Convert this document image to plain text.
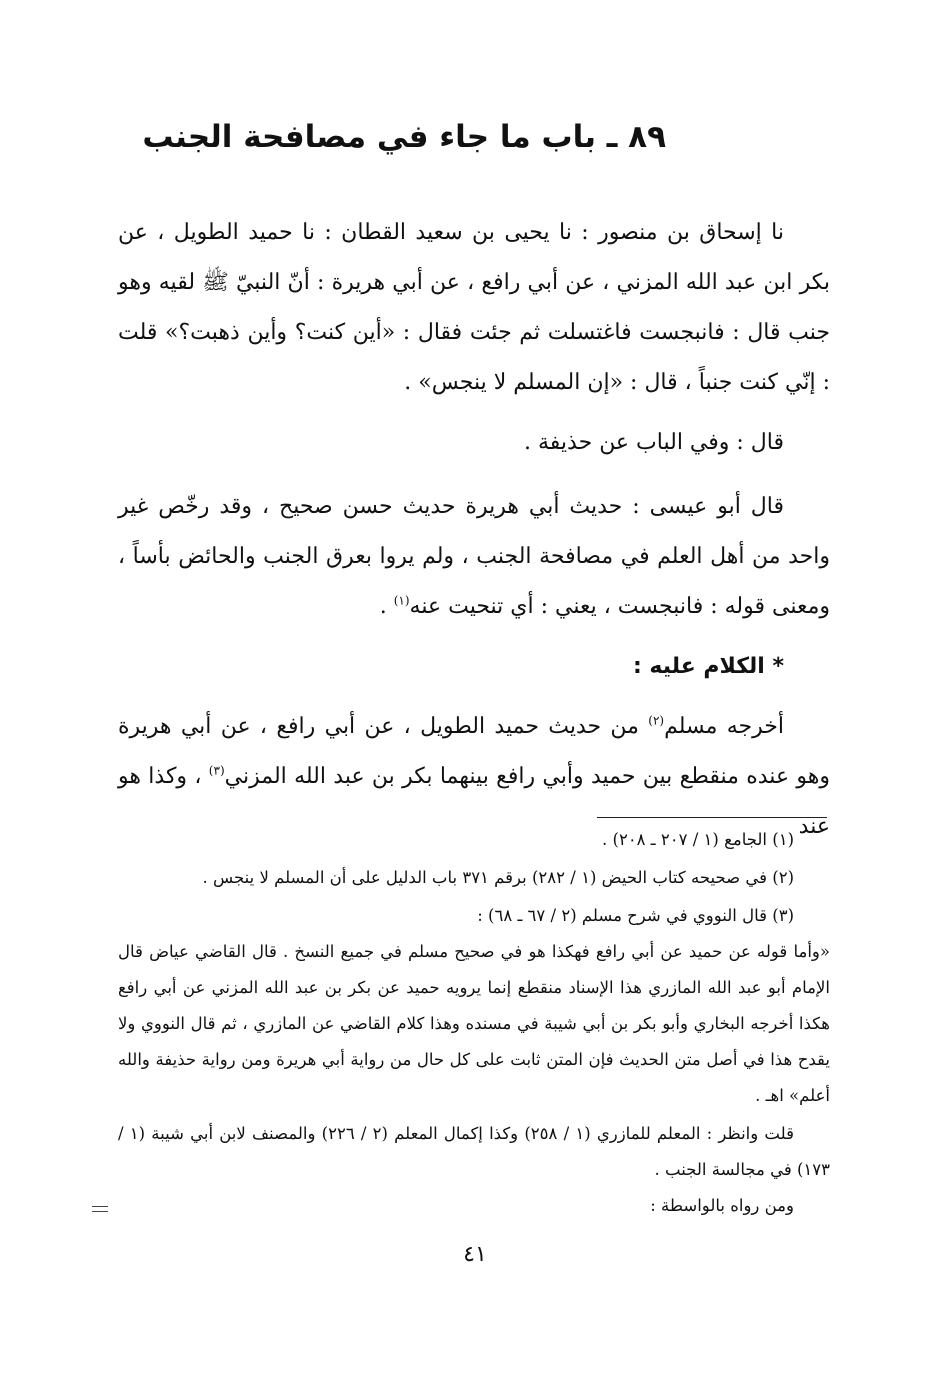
٨٩ ـ باب ما جاء في مصافحة الجنب

نا إسحاق بن منصور : نا يحيى بن سعيد القطان : نا حميد الطويل ، عن بكر ابن عبد الله المزني ، عن أبي رافع ، عن أبي هريرة : أنّ النبيّ ﷺ لقيه وهو جنب قال : فانبجست فاغتسلت ثم جئت فقال : «أين كنت؟ وأين ذهبت؟» قلت : إنّي كنت جنباً ، قال : «إن المسلم لا ينجس» .

قال : وفي الباب عن حذيفة .

قال أبو عيسى : حديث أبي هريرة حديث حسن صحيح ، وقد رخّص غير واحد من أهل العلم في مصافحة الجنب ، ولم يروا بعرق الجنب والحائض بأساً ، ومعنى قوله : فانبجست ، يعني : أي تنحيت عنه$^{(١)}$ .

* الكلام عليه :

أخرجه مسلم$^{(٢)}$ من حديث حميد الطويل ، عن أبي رافع ، عن أبي هريرة وهو عنده منقطع بين حميد وأبي رافع بينهما بكر بن عبد الله المزني$^{(٣)}$ ، وكذا هو عند

(١) الجامع (١ / ٢٠٧ ـ ٢٠٨) .

(٢) في صحيحه كتاب الحيض (١ / ٢٨٢) برقم ٣٧١ باب الدليل على أن المسلم لا ينجس .

(٣) قال النووي في شرح مسلم (٢ / ٦٧ ـ ٦٨) :

«وأما قوله عن حميد عن أبي رافع فهكذا هو في صحيح مسلم في جميع النسخ . قال القاضي عياض قال الإمام أبو عبد الله المازري هذا الإسناد منقطع إنما يرويه حميد عن بكر بن عبد الله المزني عن أبي رافع هكذا أخرجه البخاري وأبو بكر بن أبي شيبة في مسنده وهذا كلام القاضي عن المازري ، ثم قال النووي ولا يقدح هذا في أصل متن الحديث فإن المتن ثابت على كل حال من رواية أبي هريرة ومن رواية حذيفة والله أعلم» اهـ .

قلت وانظر : المعلم للمازري (١ / ٢٥٨) وكذا إكمال المعلم (٢ / ٢٢٦) والمصنف لابن أبي شيبة (١ / ١٧٣) في مجالسة الجنب .

ومن رواه بالواسطة :

٤١
